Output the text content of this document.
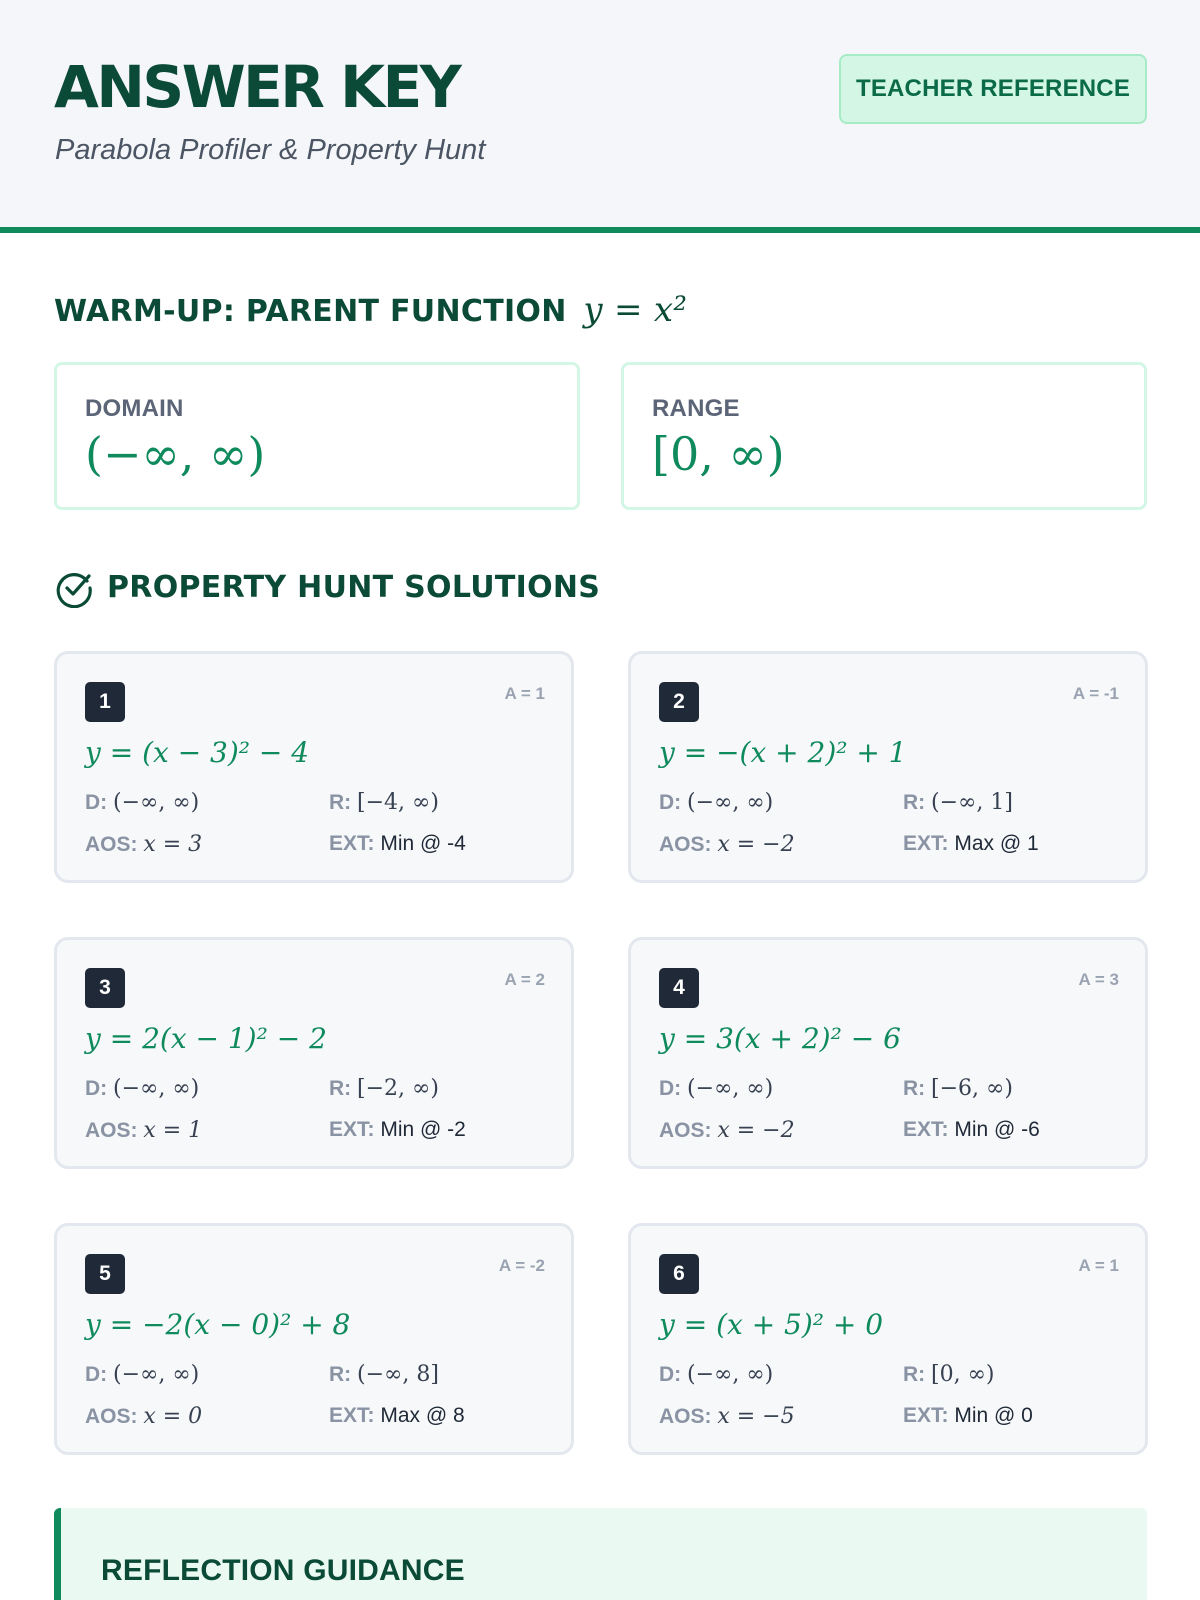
ANSWER KEY
Parabola Profiler & Property Hunt
TEACHER REFERENCE
WARM-UP: PARENT FUNCTION y = x²
DOMAIN
(−∞, ∞)
RANGE
[0, ∞)
PROPERTY HUNT SOLUTIONS
1	A = 1
y = (x − 3)² − 4
D: (−∞, ∞)	R: [−4, ∞)
AOS: x = 3	EXT: Min @ -4
2	A = -1
y = −(x + 2)² + 1
D: (−∞, ∞)	R: (−∞, 1]
AOS: x = −2	EXT: Max @ 1
3	A = 2
y = 2(x − 1)² − 2
D: (−∞, ∞)	R: [−2, ∞)
AOS: x = 1	EXT: Min @ -2
4	A = 3
y = 3(x + 2)² − 6
D: (−∞, ∞)	R: [−6, ∞)
AOS: x = −2	EXT: Min @ -6
5	A = -2
y = −2(x − 0)² + 8
D: (−∞, ∞)	R: (−∞, 8]
AOS: x = 0	EXT: Max @ 8
6	A = 1
y = (x + 5)² + 0
D: (−∞, ∞)	R: [0, ∞)
AOS: x = −5	EXT: Min @ 0
REFLECTION GUIDANCE
